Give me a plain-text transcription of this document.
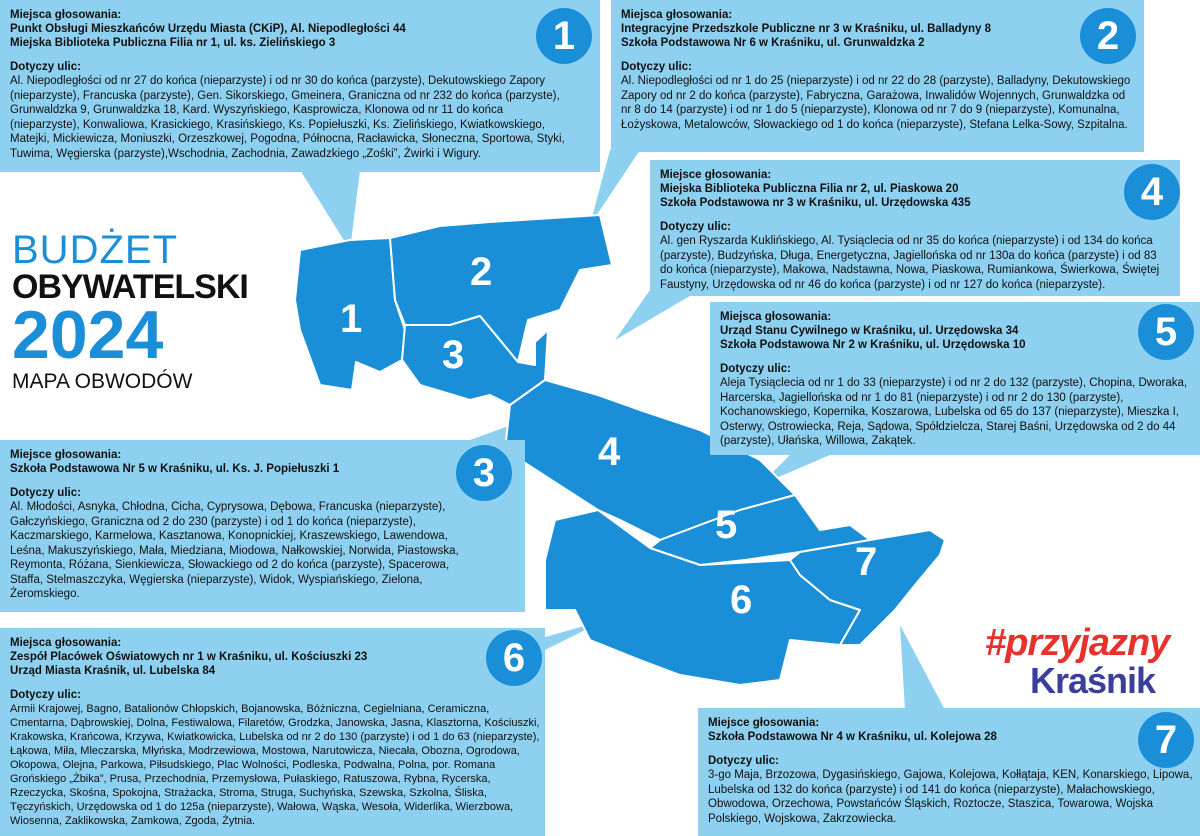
1
2
3
4
5
6
7
BUDŻET
OBYWATELSKI
2024
MAPA OBWODÓW
#przyjazny
Kraśnik
Miejsca głosowania:
Punkt Obsługi Mieszkańców Urzędu Miasta (CKiP), Al. Niepodległości 44
Miejska Biblioteka Publiczna Filia nr 1, ul. ks. Zielińskiego 3
Dotyczy ulic:
Al. Niepodległości od nr 27 do końca (nieparzyste) i od nr 30 do końca (parzyste), Dekutowskiego Zapory (nieparzyste), Francuska (parzyste), Gen. Sikorskiego, Gmeinera, Graniczna od nr 232 do końca (parzyste), Grunwaldzka 9, Grunwaldzka 18, Kard. Wyszyńskiego, Kasprowicza, Klonowa od nr 11 do końca (nieparzyste), Konwaliowa, Krasickiego, Krasińskiego, Ks. Popiełuszki, Ks. Zielińskiego, Kwiatkowskiego, Matejki, Mickiewicza, Moniuszki, Orzeszkowej, Pogodna, Północna, Racławicka, Słoneczna, Sportowa, Styki, Tuwima, Węgierska (parzyste),Wschodnia, Zachodnia, Zawadzkiego „Zośki”, Żwirki i Wigury.
1	Miejsca głosowania:
Integracyjne Przedszkole Publiczne nr 3 w Kraśniku, ul. Balladyny 8
Szkoła Podstawowa Nr 6 w Kraśniku, ul. Grunwaldzka 2
Dotyczy ulic:
Al. Niepodległości od nr 1 do 25 (nieparzyste) i od nr 22 do 28 (parzyste), Balladyny, Dekutowskiego Zapory od nr 2 do końca (parzyste), Fabryczna, Garażowa, Inwalidów Wojennych, Grunwaldzka od nr 8 do 14 (parzyste) i od nr 1 do 5 (nieparzyste), Klonowa od nr 7 do 9 (nieparzyste), Komunalna, Łożyskowa, Metalowców, Słowackiego od 1 do końca (nieparzyste), Stefana Lelka-Sowy, Szpitalna.
2
Miejsce głosowania:
Szkoła Podstawowa Nr 5 w Kraśniku, ul. Ks. J. Popiełuszki 1
Dotyczy ulic:
Al. Młodości, Asnyka, Chłodna, Cicha, Cyprysowa, Dębowa, Francuska (nieparzyste), Gałczyńskiego, Graniczna od 2 do 230 (parzyste) i od 1 do końca (nieparzyste), Kaczmarskiego, Karmelowa, Kasztanowa, Konopnickiej, Kraszewskiego, Lawendowa, Leśna, Makuszyńskiego, Mała, Miedziana, Miodowa, Nałkowskiej, Norwida, Piastowska, Reymonta, Różana, Sienkiewicza, Słowackiego od 2 do końca (parzyste), Spacerowa, Staffa, Stelmaszczyka, Węgierska (nieparzyste), Widok, Wyspiańskiego, Zielona, Żeromskiego.
3
Miejsce głosowania:
Miejska Biblioteka Publiczna Filia nr 2, ul. Piaskowa 20
Szkoła Podstawowa nr 3 w Kraśniku, ul. Urzędowska 435
Dotyczy ulic:
Al. gen Ryszarda Kuklińskiego, Al. Tysiąclecia od nr 35 do końca (nieparzyste) i od 134 do końca (parzyste), Budzyńska, Długa, Energetyczna, Jagiellońska od nr 130a do końca (parzyste) i od 83 do końca (nieparzyste), Makowa, Nadstawna, Nowa, Piaskowa, Rumiankowa, Świerkowa, Świętej Faustyny, Urzędowska od nr 46 do końca (parzyste) i od nr 127 do końca (nieparzyste).
4
Miejsca głosowania:
Urząd Stanu Cywilnego w Kraśniku, ul. Urzędowska 34
Szkoła Podstawowa Nr 2 w Kraśniku, ul. Urzędowska 10
Dotyczy ulic:
Aleja Tysiąclecia od nr 1 do 33 (nieparzyste) i od nr 2 do 132 (parzyste), Chopina, Dworaka, Harcerska, Jagiellońska od nr 1 do 81 (nieparzyste) i od nr 2 do 130 (parzyste), Kochanowskiego, Kopernika, Koszarowa, Lubelska od 65 do 137 (nieparzyste), Mieszka I, Osterwy, Ostrowiecka, Reja, Sądowa, Spółdzielcza, Starej Baśni, Urzędowska od 2 do 44 (parzyste), Ułańska, Willowa, Zakątek.
5
Miejsca głosowania:
Zespół Placówek Oświatowych nr 1 w Kraśniku, ul. Kościuszki 23
Urząd Miasta Kraśnik, ul. Lubelska 84
Dotyczy ulic:
Armii Krajowej, Bagno, Batalionów Chłopskich, Bojanowska, Bóżniczna, Cegielniana, Ceramiczna, Cmentarna, Dąbrowskiej, Dolna, Festiwalowa, Filaretów, Grodzka, Janowska, Jasna, Klasztorna, Kościuszki, Krakowska, Krańcowa, Krzywa, Kwiatkowicka, Lubelska od nr 2 do 130 (parzyste) i od 1 do 63 (nieparzyste), Łąkowa, Miła, Mleczarska, Młyńska, Modrzewiowa, Mostowa, Narutowicza, Niecała, Obozna, Ogrodowa, Okopowa, Olejna, Parkowa, Piłsudskiego, Plac Wolności, Podleska, Podwalna, Polna, por. Romana Grońskiego „Żbika”, Prusa, Przechodnia, Przemysłowa, Pułaskiego, Ratuszowa, Rybna, Rycerska, Rzeczycka, Skośna, Spokojna, Strażacka, Stroma, Struga, Suchyńska, Szewska, Szkolna, Śliska, Tęczyńskich, Urzędowska od 1 do 125a (nieparzyste), Wałowa, Wąska, Wesoła, Widerlika, Wierzbowa, Wiosenna, Zaklikowska, Zamkowa, Zgoda, Żytnia.
6
Miejsce głosowania:
Szkoła Podstawowa Nr 4 w Kraśniku, ul. Kolejowa 28
Dotyczy ulic:
3-go Maja, Brzozowa, Dygasińskiego, Gajowa, Kolejowa, Kołłątaja, KEN, Konarskiego, Lipowa, Lubelska od 132 do końca (parzyste) i od 141 do końca (nieparzyste), Małachowskiego, Obwodowa, Orzechowa, Powstańców Śląskich, Roztocze, Staszica, Towarowa, Wojska Polskiego, Wojskowa, Zakrzowiecka.
7
